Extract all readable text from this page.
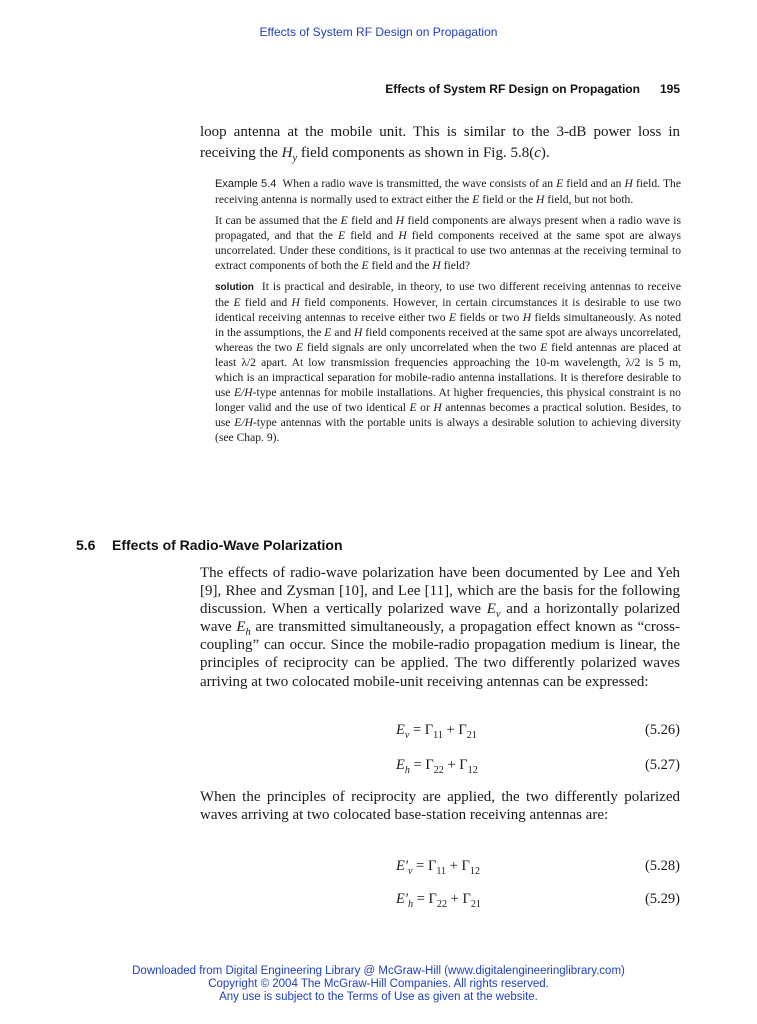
Effects of System RF Design on Propagation
Effects of System RF Design on Propagation 195
loop antenna at the mobile unit. This is similar to the 3-dB power loss in receiving the $H_y$ field components as shown in Fig. 5.8(c).

Example 5.4 When a radio wave is transmitted, the wave consists of an E field and an H field. The receiving antenna is normally used to extract either the E field or the H field, but not both.

It can be assumed that the E field and H field components are always present when a radio wave is propagated, and that the E field and H field components received at the same spot are always uncorrelated. Under these conditions, is it practical to use two antennas at the receiving terminal to extract components of both the E field and the H field?

solution It is practical and desirable, in theory, to use two different receiving antennas to receive the E field and H field components. However, in certain circumstances it is desirable to use two identical receiving antennas to receive either two E fields or two H fields simultaneously. As noted in the assumptions, the E and H field components received at the same spot are always uncorrelated, whereas the two E field signals are only uncorrelated when the two E field antennas are placed at least λ/2 apart. At low transmission frequencies approaching the 10-m wavelength, λ/2 is 5 m, which is an impractical separation for mobile-radio antenna installations. It is therefore desirable to use E/H-type antennas for mobile installations. At higher frequencies, this physical constraint is no longer valid and the use of two identical E or H antennas becomes a practical solution. Besides, to use E/H-type antennas with the portable units is always a desirable solution to achieving diversity (see Chap. 9).

5.6 Effects of Radio-Wave Polarization
The effects of radio-wave polarization have been documented by Lee and Yeh [9], Rhee and Zysman [10], and Lee [11], which are the basis for the following discussion. When a vertically polarized wave $E_v$ and a horizontally polarized wave $E_h$ are transmitted simultaneously, a propagation effect known as “cross-coupling” can occur. Since the mobile-radio propagation medium is linear, the principles of reciprocity can be applied. The two differently polarized waves arriving at two colocated mobile-unit receiving antennas can be expressed:
$E_v = \Gamma_{11} + \Gamma_{21}$	(5.26)
$E_h = \Gamma_{22} + \Gamma_{12}$	(5.27)
When the principles of reciprocity are applied, the two differently polarized waves arriving at two colocated base-station receiving antennas are:
$E'_v = \Gamma_{11} + \Gamma_{12}$	(5.28)
$E'_h = \Gamma_{22} + \Gamma_{21}$	(5.29)
Downloaded from Digital Engineering Library @ McGraw-Hill (www.digitalengineeringlibrary.com)
Copyright © 2004 The McGraw-Hill Companies. All rights reserved.
Any use is subject to the Terms of Use as given at the website.
